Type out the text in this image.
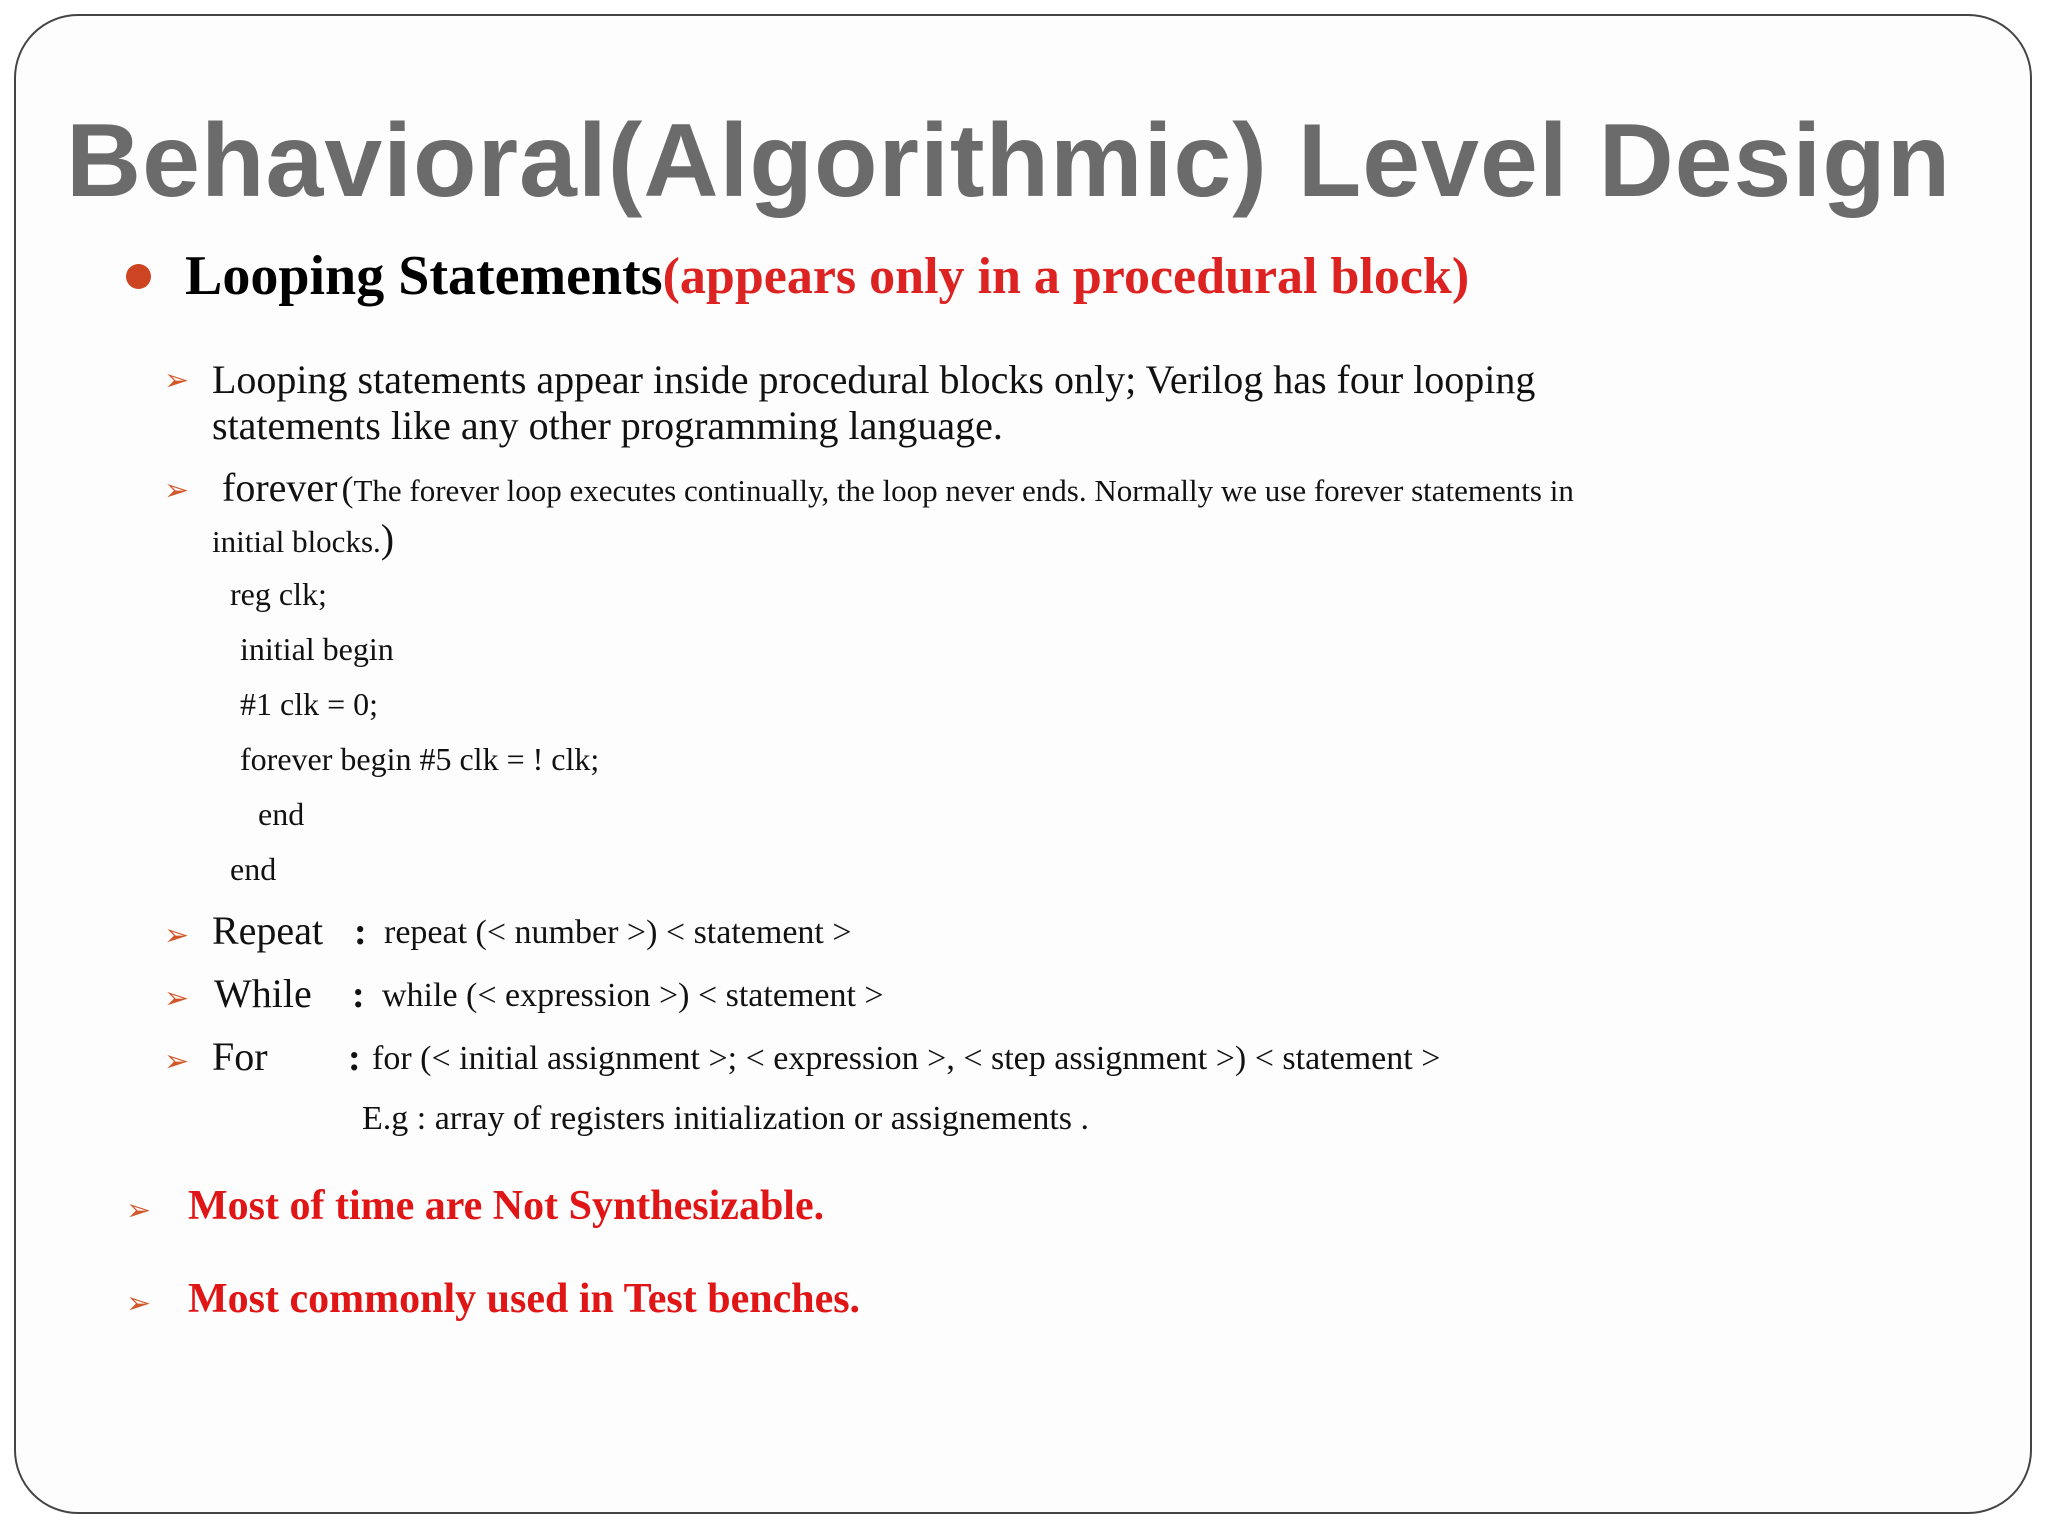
Behavioral(Algorithmic) Level Design
Looping Statements (appears only in a procedural block)
➢ Looping statements appear inside procedural blocks only; Verilog has four looping
statements like any other programming language.
➢ forever (The forever loop executes continually, the loop never ends. Normally we use forever statements in
initial blocks.)
reg clk;
initial begin
#1 clk = 0;
forever begin #5 clk = ! clk;
end
end
➢ Repeat : repeat (< number >) < statement >
➢ While : while (< expression >) < statement >
➢ For : for (< initial assignment >; < expression >, < step assignment >) < statement >
E.g : array of registers initialization or assignements .
➢ Most of time are Not Synthesizable.
➢ Most commonly used in Test benches.
